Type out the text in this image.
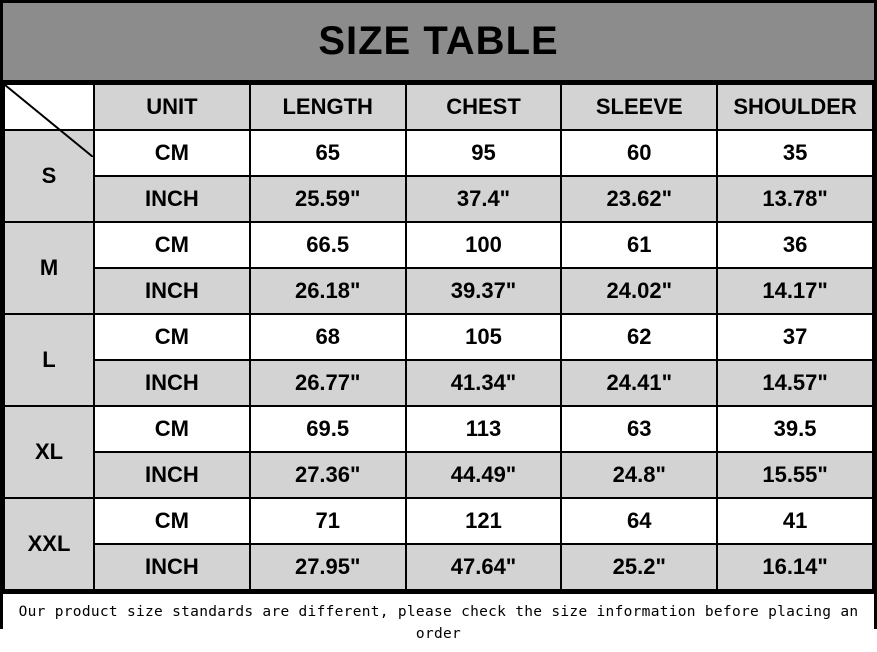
SIZE TABLE
	UNIT	LENGTH	CHEST	SLEEVE	SHOULDER
S	CM	65	95	60	35
	INCH	25.59"	37.4"	23.62"	13.78"
M	CM	66.5	100	61	36
	INCH	26.18"	39.37"	24.02"	14.17"
L	CM	68	105	62	37
	INCH	26.77"	41.34"	24.41"	14.57"
XL	CM	69.5	113	63	39.5
	INCH	27.36"	44.49"	24.8"	15.55"
XXL	CM	71	121	64	41
	INCH	27.95"	47.64"	25.2"	16.14"
Our product size standards are different, please check the size information before placing an order
